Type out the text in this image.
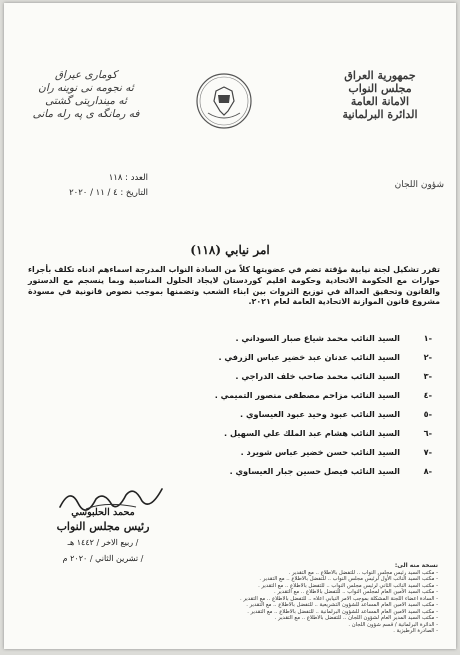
جمهورية العراق
مجلس النواب
الامانة العامة
الدائرة البرلمانية
شؤون اللجان
كوماری عیراق
ئه نجومه نی نوینه ران
ئه مینداریتی گشتی
فه رمانگه ی په رله مانی
العدد : ١١٨
التاريخ : ٤ / ١١ / ٢٠٢٠
امر نيابي (١١٨)
تقرر تشكيل لجنة نيابية مؤقتة تضم في عضويتها كلاً من السادة النواب المدرجة اسماءهم ادناه تكلف بأجراء حوارات مع الحكومة الاتحادية وحكومة اقليم كوردستان لايجاد الحلول المناسبة وبما ينسجم مع الدستور والقانون وتحقيق العدالة في توزيع الثروات بين ابناء الشعب وتضمنها بموجب نصوص قانونية في مسودة مشروع قانون الموازنة الاتحادية العامة لعام ٢٠٢١.
-١
السيد النائب محمد شياع صبار السوداني .
-٢
السيد النائب عدنان عبد خضير عباس الزرفي .
-٣
السيد النائب محمد صاحب خلف الدراجي .
-٤
السيد النائب مزاحم مصطفى منصور التميمي .
-٥
السيد النائب عبود وحيد عبود العيساوي .
-٦
السيد النائب هشام عبد الملك علي السهيل .
-٧
السيد النائب حسن خضير عباس شويرد .
-٨
السيد النائب فيصل حسين جبار العيساوي .
محمد الحلبوسي
رئيس مجلس النواب
/ ربيع الاخر / ١٤٤٢ هـ
/ تشرين الثاني / ٢٠٢٠ م
نسخة منه الى:
- مكتب السيد رئيس مجلس النواب .. للتفضل بالاطلاع .. مع التقدير .
- مكتب السيد النائب الأول لرئيس مجلس النواب .. للتفضل بالاطلاع .. مع التقدير .
- مكتب السيد النائب الثاني لرئيس مجلس النواب .. للتفضل بالاطلاع .. مع التقدير .
- مكتب السيد الأمين العام لمجلس النواب .. للتفضل بالاطلاع .. مع التقدير .
- السادة اعضاء اللجنة المشكلة بموجب الامر النيابي اعلاه .. للتفضل بالاطلاع .. مع التقدير .
- مكتب السيد الامين العام المساعد للشؤون التشريعية .. للتفضل بالاطلاع .. مع التقدير .
- مكتب السيد الامين العام المساعد للشؤون البرلمانية .. للتفضل بالاطلاع .. مع التقدير .
- مكتب السيد المدير العام لشؤون اللجان .. للتفضل بالاطلاع .. مع التقدير .
- الدائرة البرلمانية / قسم شؤون اللجان .
- الصادرة الرطيزية .
